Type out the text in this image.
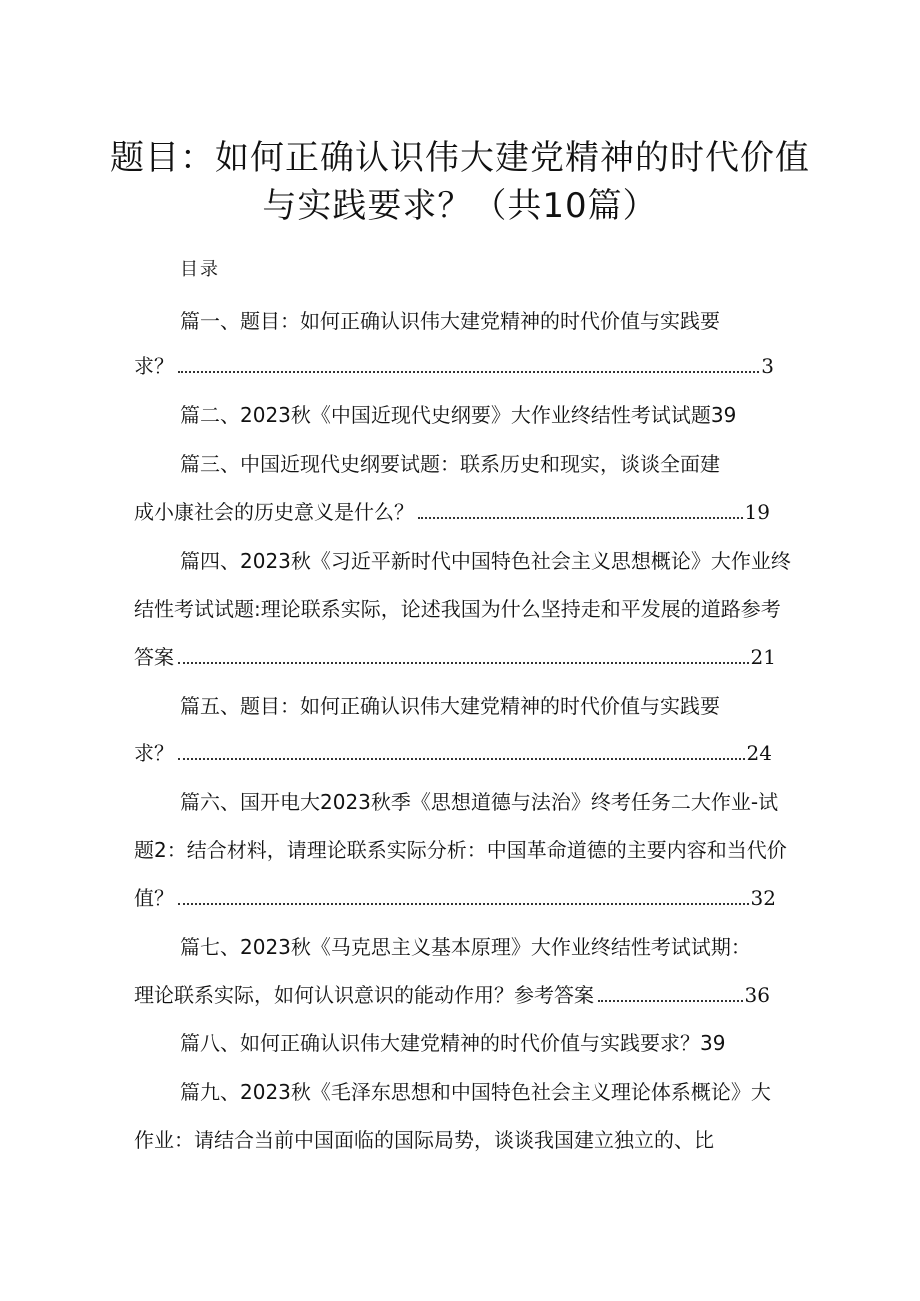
题目：如何正确认识伟大建党精神的时代价值
与实践要求？（共10篇）
目录
篇一、题目：如何正确认识伟大建党精神的时代价值与实践要
求？	3
篇二、2023秋《中国近现代史纲要》大作业终结性考试试题39
篇三、中国近现代史纲要试题：联系历史和现实，谈谈全面建
成小康社会的历史意义是什么？	19
篇四、2023秋《习近平新时代中国特色社会主义思想概论》大作业终
结性考试试题:理论联系实际，论述我国为什么坚持走和平发展的道路参考
答案	21
篇五、题目：如何正确认识伟大建党精神的时代价值与实践要
求？	24
篇六、国开电大2023秋季《思想道德与法治》终考任务二大作业-试
题2：结合材料，请理论联系实际分析：中国革命道德的主要内容和当代价
值？	32
篇七、2023秋《马克思主义基本原理》大作业终结性考试试期：
理论联系实际，如何认识意识的能动作用？参考答案	36
篇八、如何正确认识伟大建党精神的时代价值与实践要求？39
篇九、2023秋《毛泽东思想和中国特色社会主义理论体系概论》大
作业：请结合当前中国面临的国际局势，谈谈我国建立独立的、比
